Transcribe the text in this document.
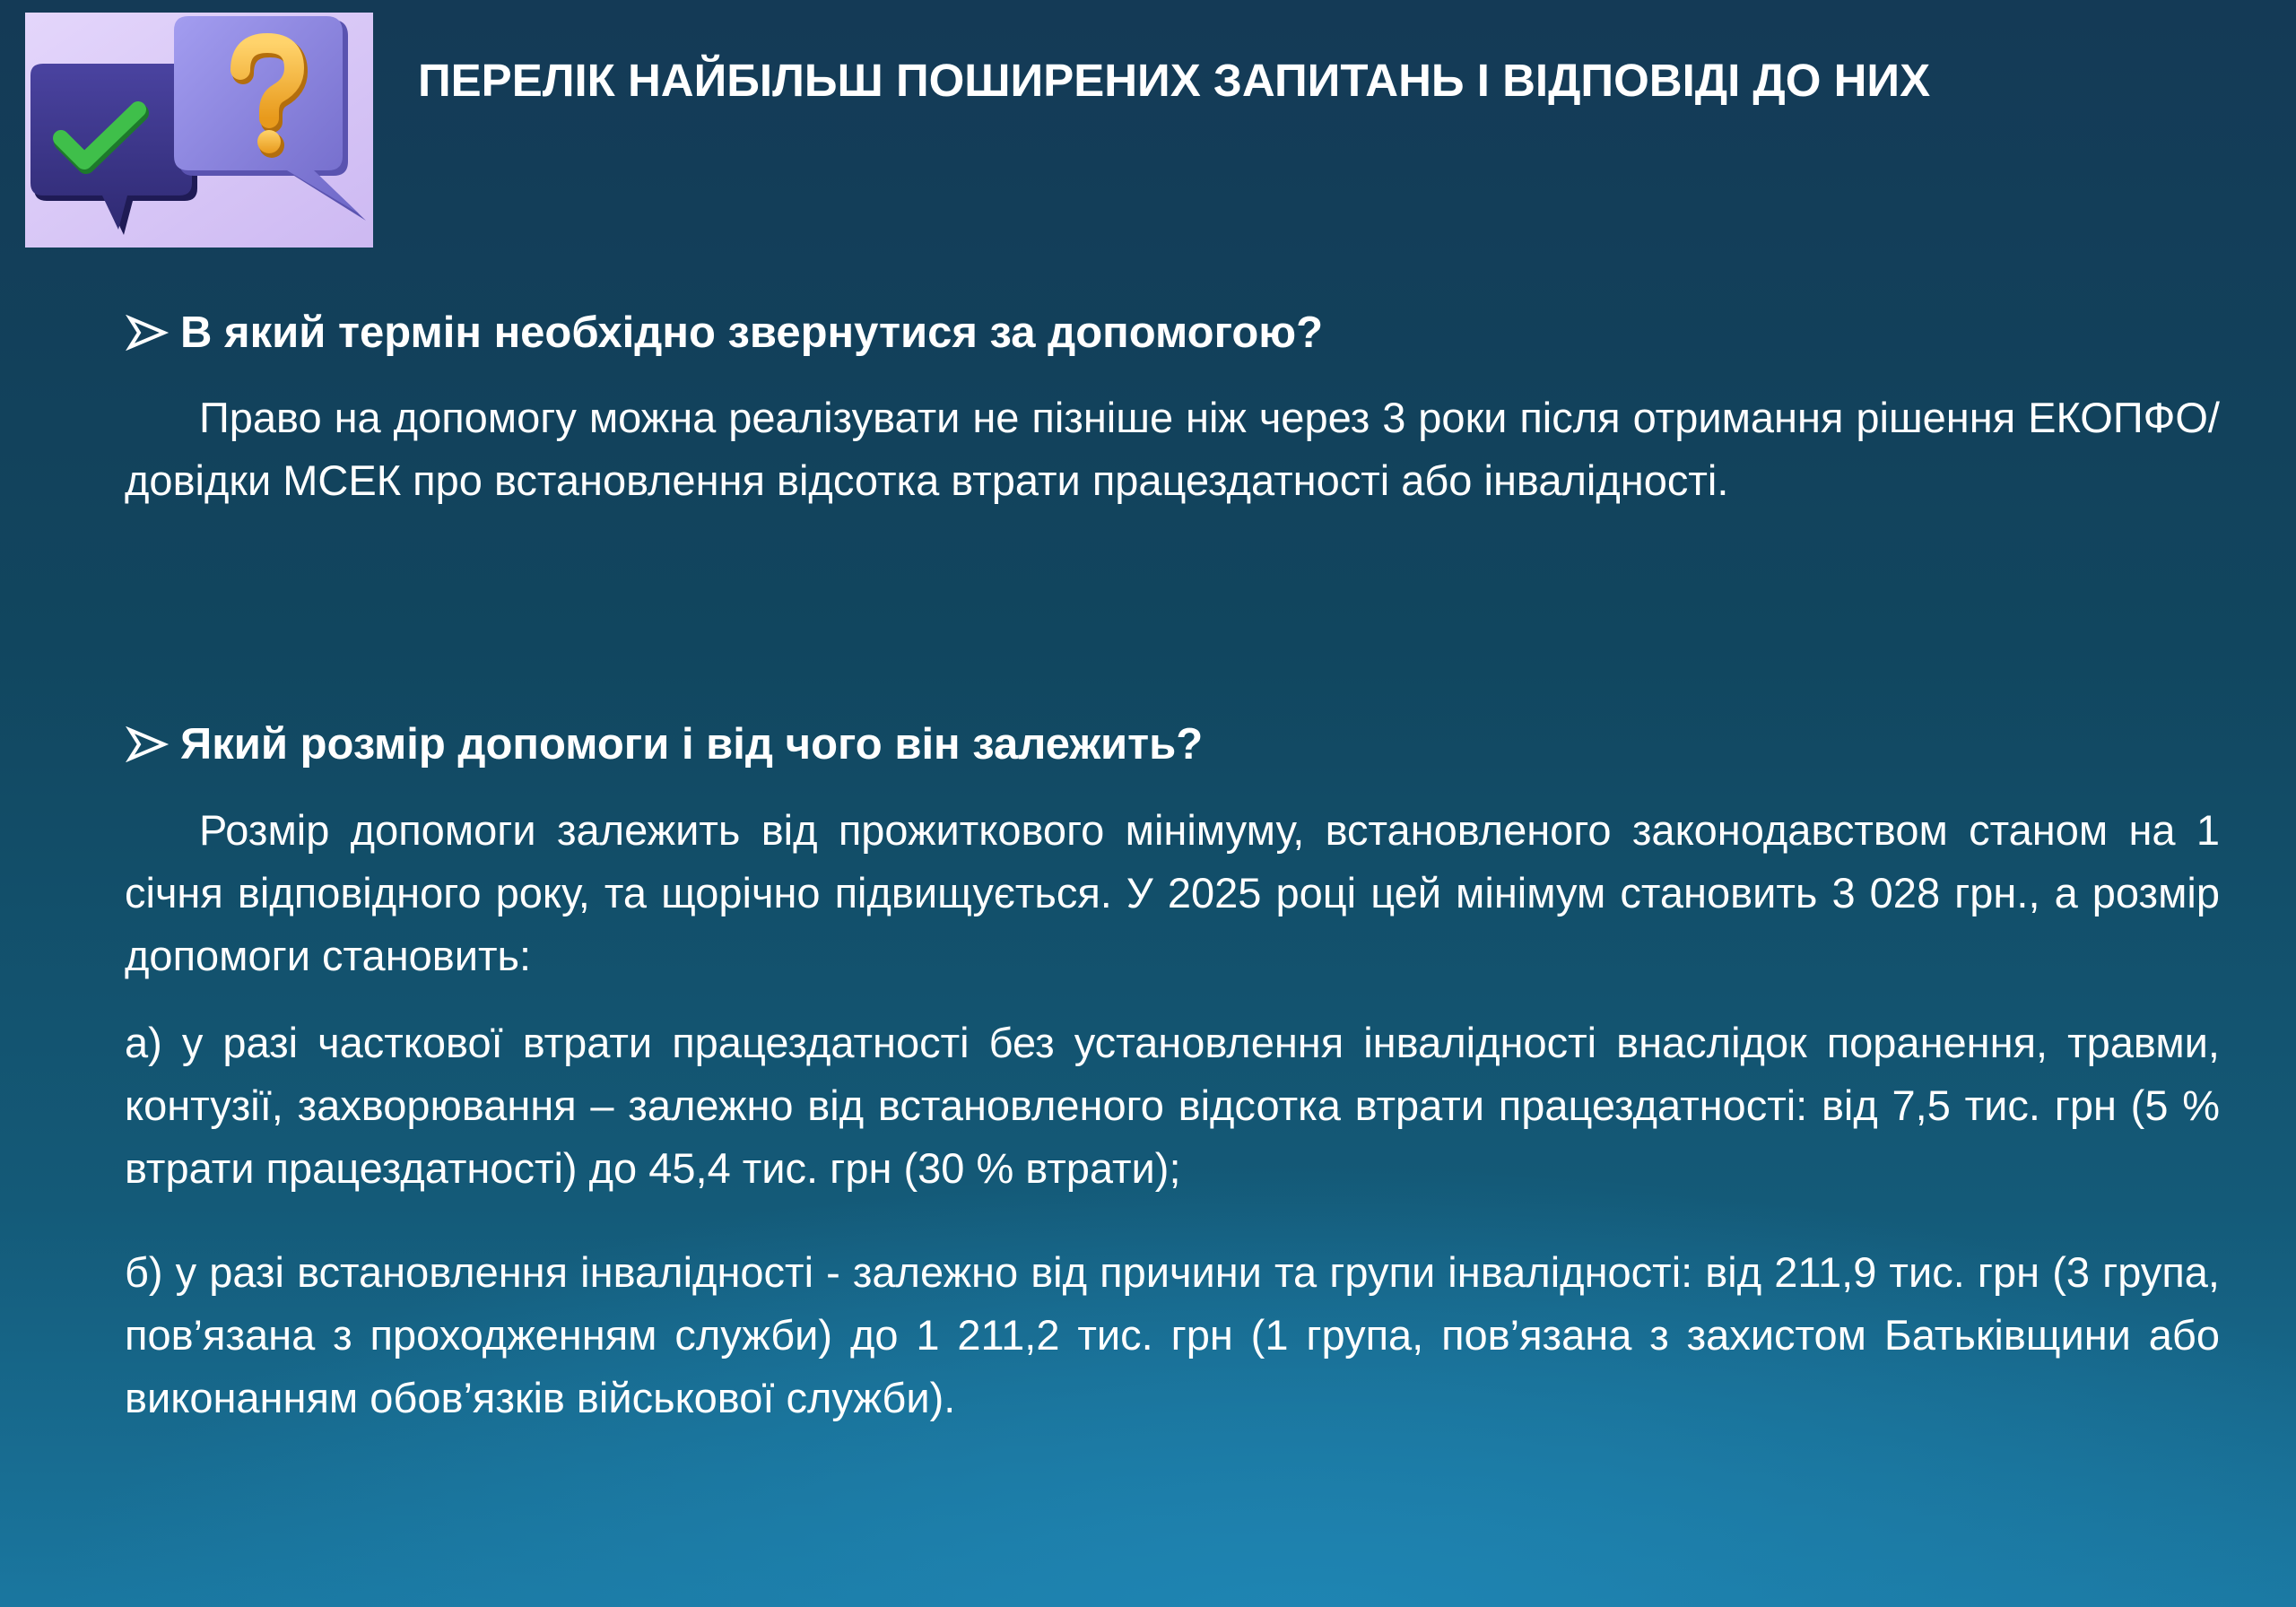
ПЕРЕЛІК НАЙБІЛЬШ ПОШИРЕНИХ ЗАПИТАНЬ І ВІДПОВІДІ ДО НИХ
В який термін необхідно звернутися за допомогою?

Право на допомогу можна реалізувати не пізніше ніж через 3 роки після отримання рішення ЕКОПФО/довідки МСЕК про встановлення відсотка втрати працездатності або інвалідності.

Який розмір допомоги і від чого він залежить?

Розмір допомоги залежить від прожиткового мінімуму, встановленого законодавством станом на 1 січня відповідного року, та щорічно підвищується. У 2025 році цей мінімум становить 3 028 грн., а розмір допомоги становить:

а) у разі часткової втрати працездатності без установлення інвалідності внаслідок поранення, травми, контузії, захворювання – залежно від встановленого відсотка втрати працездатності: від 7,5 тис. грн (5 % втрати працездатності) до 45,4 тис. грн (30 % втрати);

б) у разі встановлення інвалідності - залежно від причини та групи інвалідності: від 211,9 тис. грн (3 група, пов’язана з проходженням служби) до 1 211,2 тис. грн (1 група, пов’язана з захистом Батьківщини або виконанням обов’язків військової служби).
